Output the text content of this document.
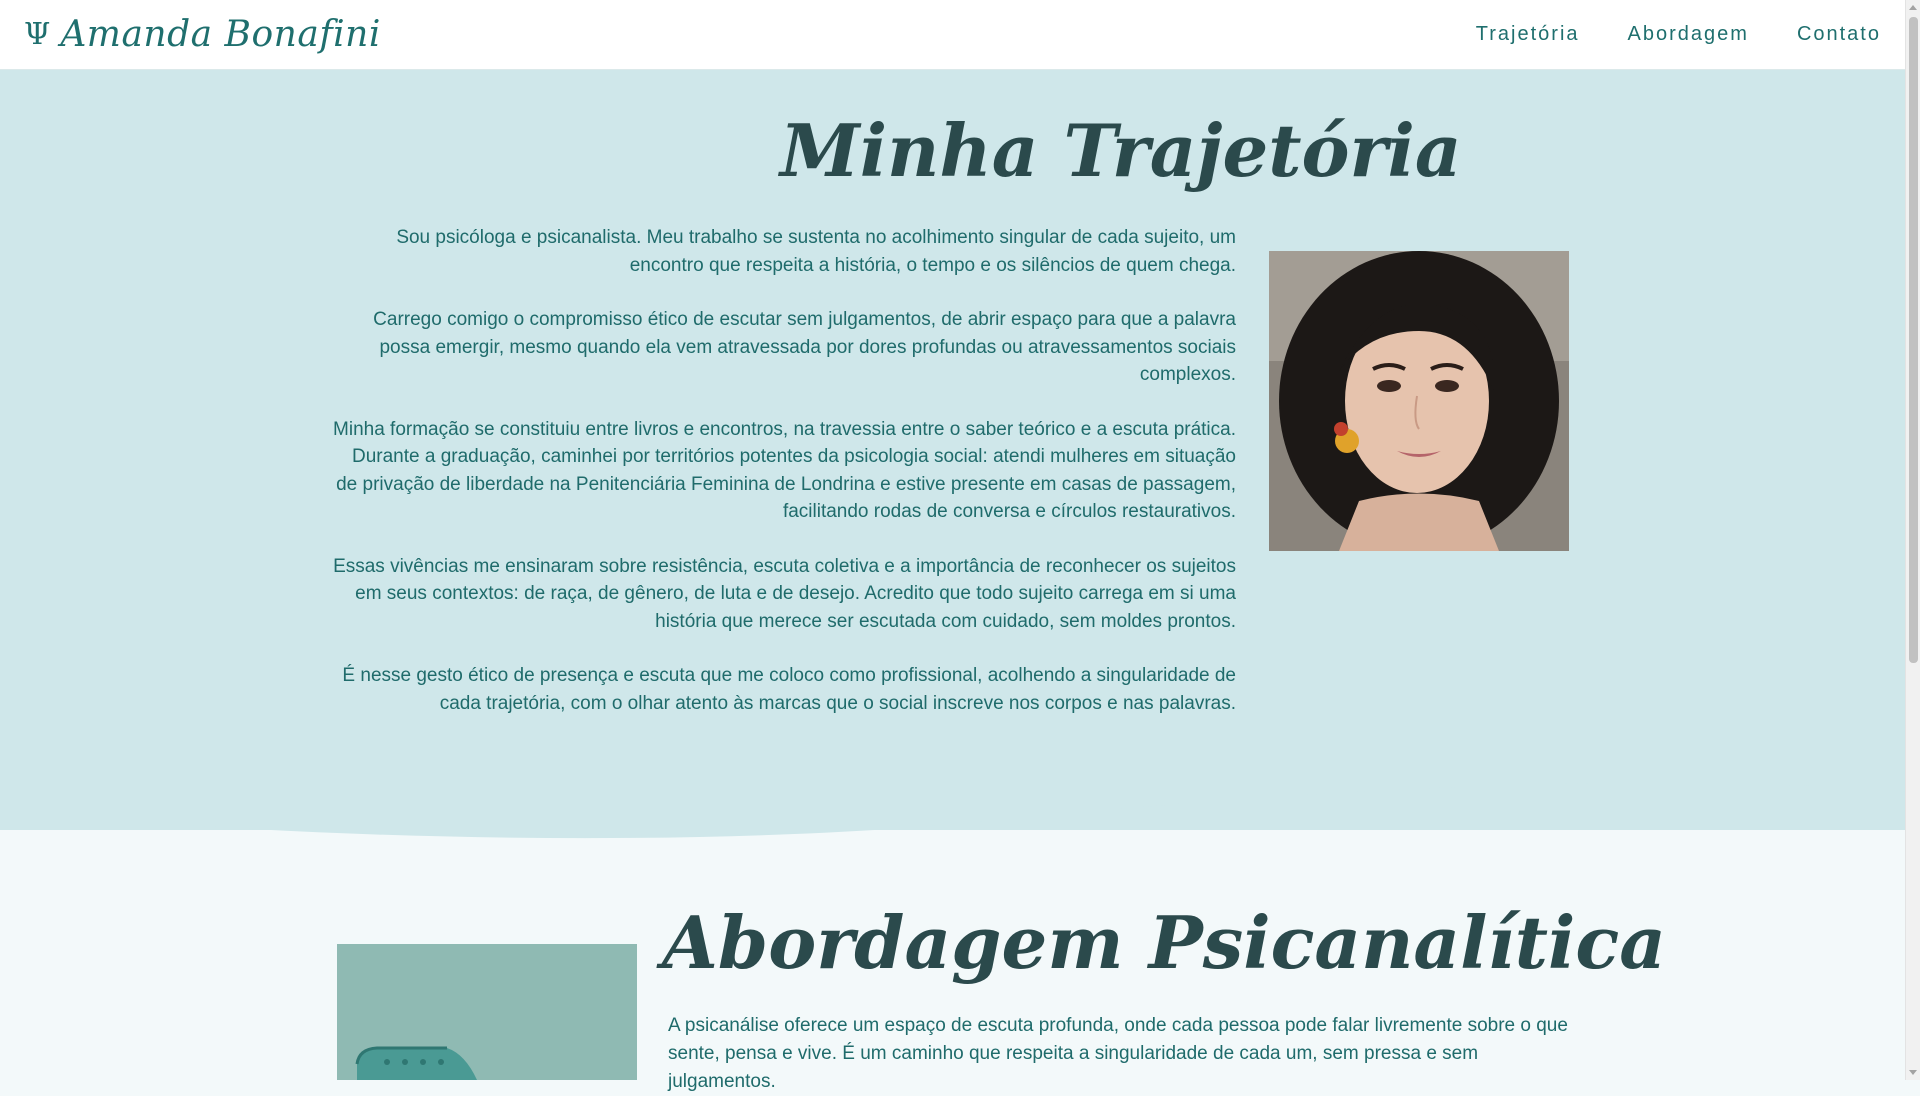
Ψ Amanda Bonafini	Trajetória Abordagem Contato
Minha Trajetória

Sou psicóloga e psicanalista. Meu trabalho se sustenta no acolhimento singular de cada sujeito, um encontro que respeita a história, o tempo e os silêncios de quem chega.

Carrego comigo o compromisso ético de escutar sem julgamentos, de abrir espaço para que a palavra possa emergir, mesmo quando ela vem atravessada por dores profundas ou atravessamentos sociais complexos.

Minha formação se constituiu entre livros e encontros, na travessia entre o saber teórico e a escuta prática. Durante a graduação, caminhei por territórios potentes da psicologia social: atendi mulheres em situação de privação de liberdade na Penitenciária Feminina de Londrina e estive presente em casas de passagem, facilitando rodas de conversa e círculos restaurativos.

Essas vivências me ensinaram sobre resistência, escuta coletiva e a importância de reconhecer os sujeitos em seus contextos: de raça, de gênero, de luta e de desejo. Acredito que todo sujeito carrega em si uma história que merece ser escutada com cuidado, sem moldes prontos.

É nesse gesto ético de presença e escuta que me coloco como profissional, acolhendo a singularidade de cada trajetória, com o olhar atento às marcas que o social inscreve nos corpos e nas palavras.

Abordagem Psicanalítica

A psicanálise oferece um espaço de escuta profunda, onde cada pessoa pode falar livremente sobre o que sente, pensa e vive. É um caminho que respeita a singularidade de cada um, sem pressa e sem julgamentos.
